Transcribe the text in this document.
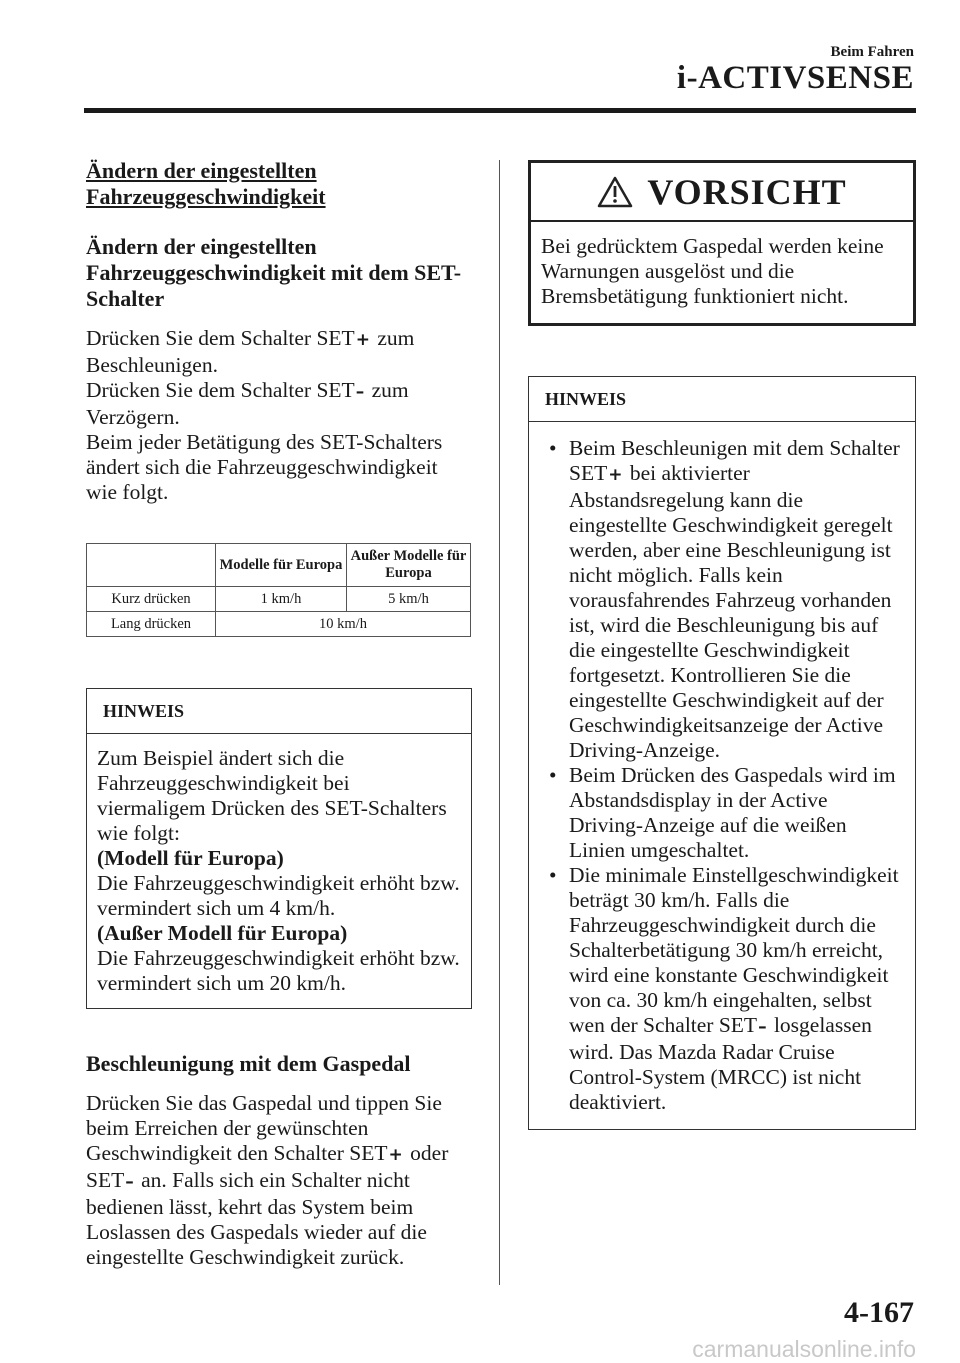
Beim Fahren
i-ACTIVSENSE
Ändern der eingestellten Fahrzeuggeschwindigkeit
Ändern der eingestellten Fahrzeuggeschwindigkeit mit dem SET-Schalter

Drücken Sie dem Schalter SET+ zum Beschleunigen.
Drücken Sie dem Schalter SET– zum Verzögern.
Beim jeder Betätigung des SET-Schalters ändert sich die Fahrzeuggeschwindigkeit wie folgt.

	Modelle für Europa	Außer Modelle für Europa
Kurz drücken	1 km/h	5 km/h
Lang drücken	10 km/h	
HINWEIS

Zum Beispiel ändert sich die Fahrzeuggeschwindigkeit bei viermaligem Drücken des SET-Schalters wie folgt:

(Modell für Europa)

Die Fahrzeuggeschwindigkeit erhöht bzw. vermindert sich um 4 km/h.

(Außer Modell für Europa)

Die Fahrzeuggeschwindigkeit erhöht bzw. vermindert sich um 20 km/h.

Beschleunigung mit dem Gaspedal

Drücken Sie das Gaspedal und tippen Sie beim Erreichen der gewünschten Geschwindigkeit den Schalter SET+ oder SET– an. Falls sich ein Schalter nicht bedienen lässt, kehrt das System beim Loslassen des Gaspedals wieder auf die eingestellte Geschwindigkeit zurück.

VORSICHT
Bei gedrücktem Gaspedal werden keine Warnungen ausgelöst und die Bremsbetätigung funktioniert nicht.
HINWEIS
• Beim Beschleunigen mit dem Schalter SET+ bei aktivierter Abstandsregelung kann die eingestellte Geschwindigkeit geregelt werden, aber eine Beschleunigung ist nicht möglich. Falls kein vorausfahrendes Fahrzeug vorhanden ist, wird die Beschleunigung bis auf die eingestellte Geschwindigkeit fortgesetzt. Kontrollieren Sie die eingestellte Geschwindigkeit auf der Geschwindigkeitsanzeige der Active Driving-Anzeige.
• Beim Drücken des Gaspedals wird im Abstandsdisplay in der Active Driving-Anzeige auf die weißen Linien umgeschaltet.
• Die minimale Einstellgeschwindigkeit beträgt 30 km/h. Falls die Fahrzeuggeschwindigkeit durch die Schalterbetätigung 30 km/h erreicht, wird eine konstante Geschwindigkeit von ca. 30 km/h eingehalten, selbst wen der Schalter SET– losgelassen wird. Das Mazda Radar Cruise Control-System (MRCC) ist nicht deaktiviert.
4-167
carmanualsonline.info
